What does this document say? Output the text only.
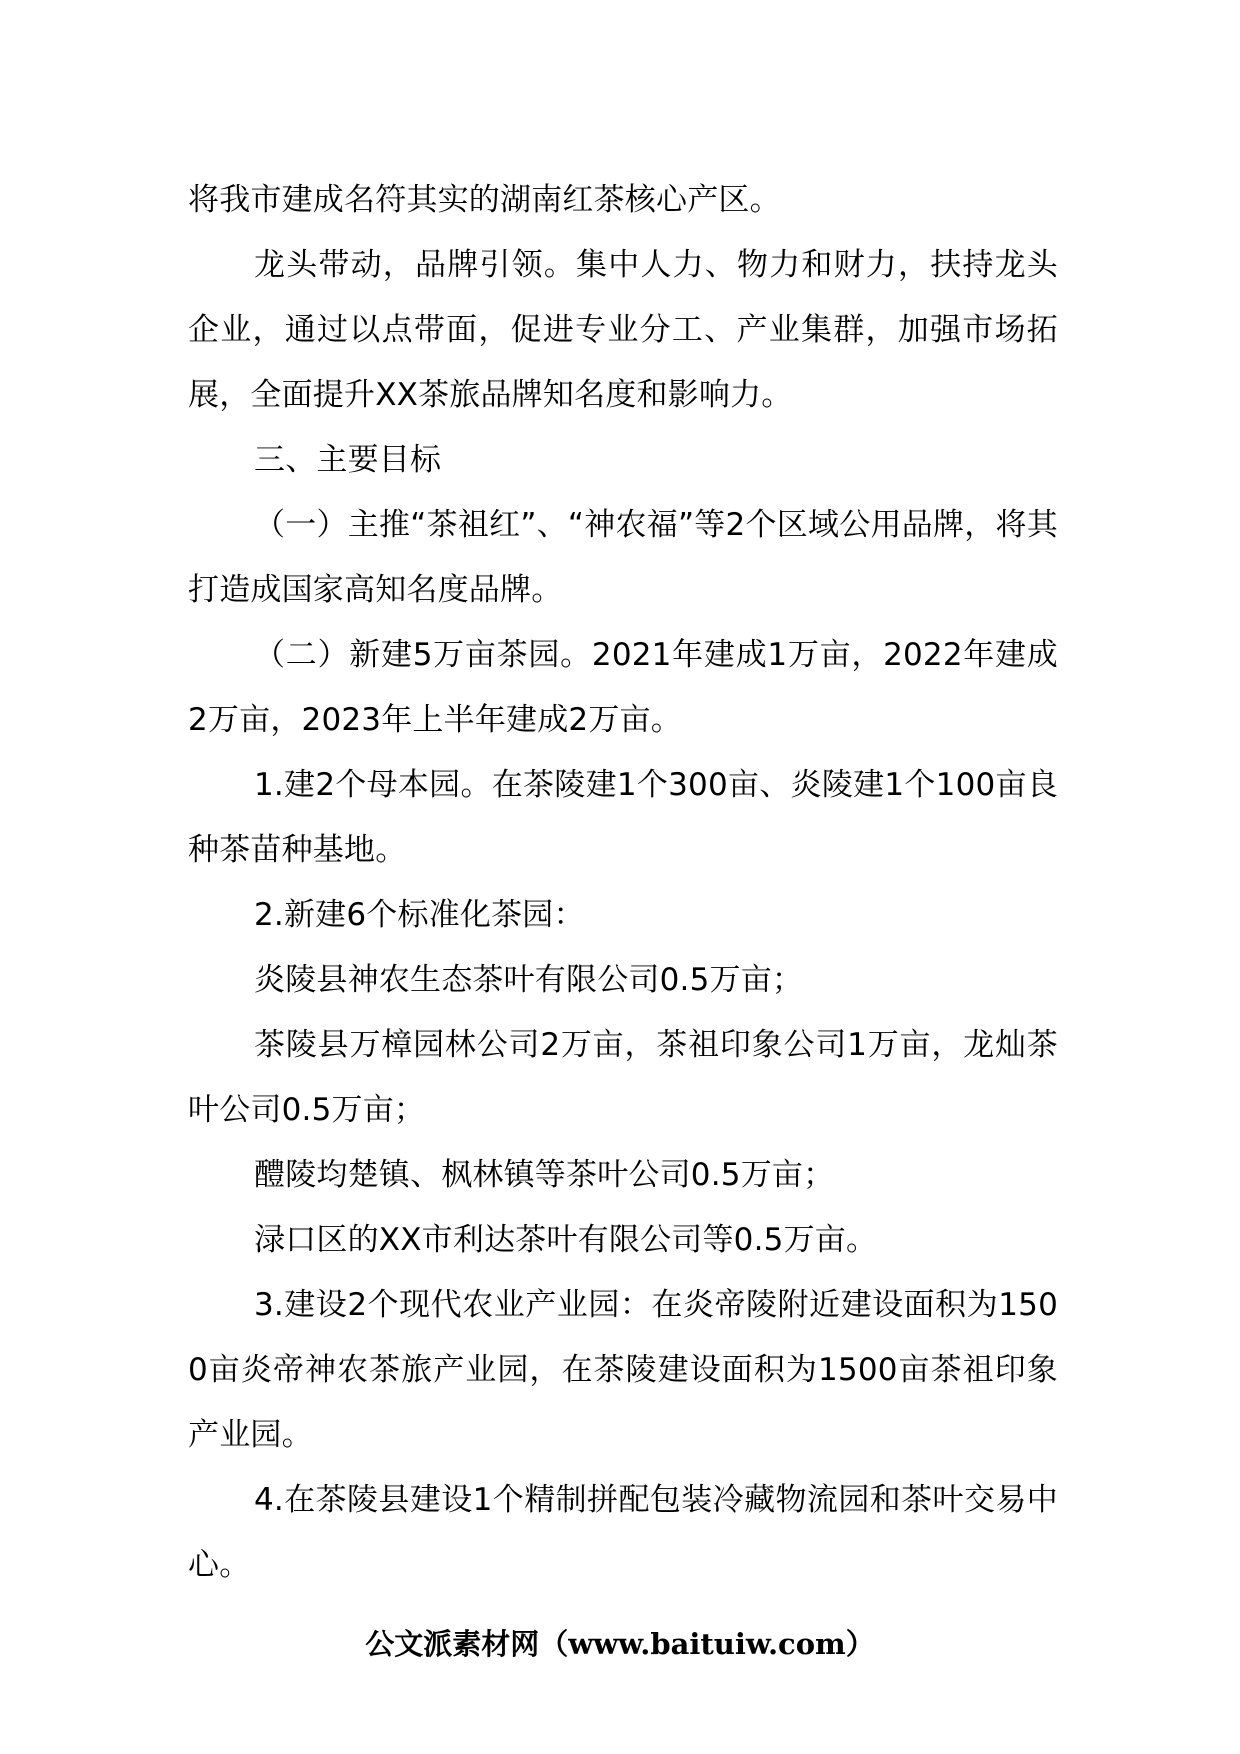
将我市建成名符其实的湖南红茶核心产区。

龙头带动，品牌引领。集中人力、物力和财力，扶持龙头企业，通过以点带面，促进专业分工、产业集群，加强市场拓展，全面提升XX茶旅品牌知名度和影响力。

三、主要目标

（一）主推“茶祖红”、“神农福”等2个区域公用品牌，将其打造成国家高知名度品牌。

（二）新建5万亩茶园。2021年建成1万亩，2022年建成2万亩，2023年上半年建成2万亩。

1.建2个母本园。在茶陵建1个300亩、炎陵建1个100亩良种茶苗种基地。

2.新建6个标准化茶园：

炎陵县神农生态茶叶有限公司0.5万亩；

茶陵县万樟园林公司2万亩，茶祖印象公司1万亩，龙灿茶叶公司0.5万亩；

醴陵均楚镇、枫林镇等茶叶公司0.5万亩；

渌口区的XX市利达茶叶有限公司等0.5万亩。

3.建设2个现代农业产业园：在炎帝陵附近建设面积为1500亩炎帝神农茶旅产业园，在茶陵建设面积为1500亩茶祖印象产业园。

4.在茶陵县建设1个精制拼配包装冷藏物流园和茶叶交易中心。

公文派素材网（www.baituiw.com）
